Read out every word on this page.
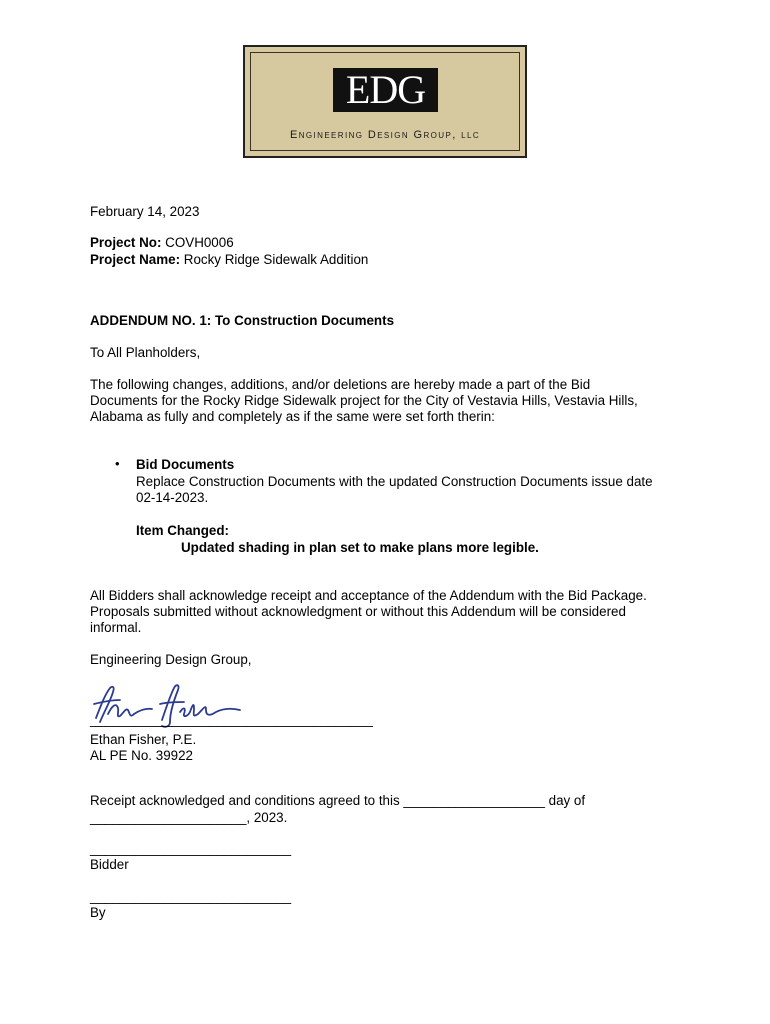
EDG
Engineering Design Group, llc
February 14, 2023
Project No: COVH0006
Project Name: Rocky Ridge Sidewalk Addition
ADDENDUM NO. 1: To Construction Documents
To All Planholders,
The following changes, additions, and/or deletions are hereby made a part of the Bid
Documents for the Rocky Ridge Sidewalk project for the City of Vestavia Hills, Vestavia Hills,
Alabama as fully and completely as if the same were set forth therin:
• Bid Documents
Replace Construction Documents with the updated Construction Documents issue date
02-14-2023.
Item Changed:
Updated shading in plan set to make plans more legible.
All Bidders shall acknowledge receipt and acceptance of the Addendum with the Bid Package.
Proposals submitted without acknowledgment or without this Addendum will be considered
informal.
Engineering Design Group,
______________________________________
Ethan Fisher, P.E.
AL PE No. 39922
Receipt acknowledged and conditions agreed to this ___________________ day of
_____________________, 2023.
___________________________
Bidder
___________________________
By
